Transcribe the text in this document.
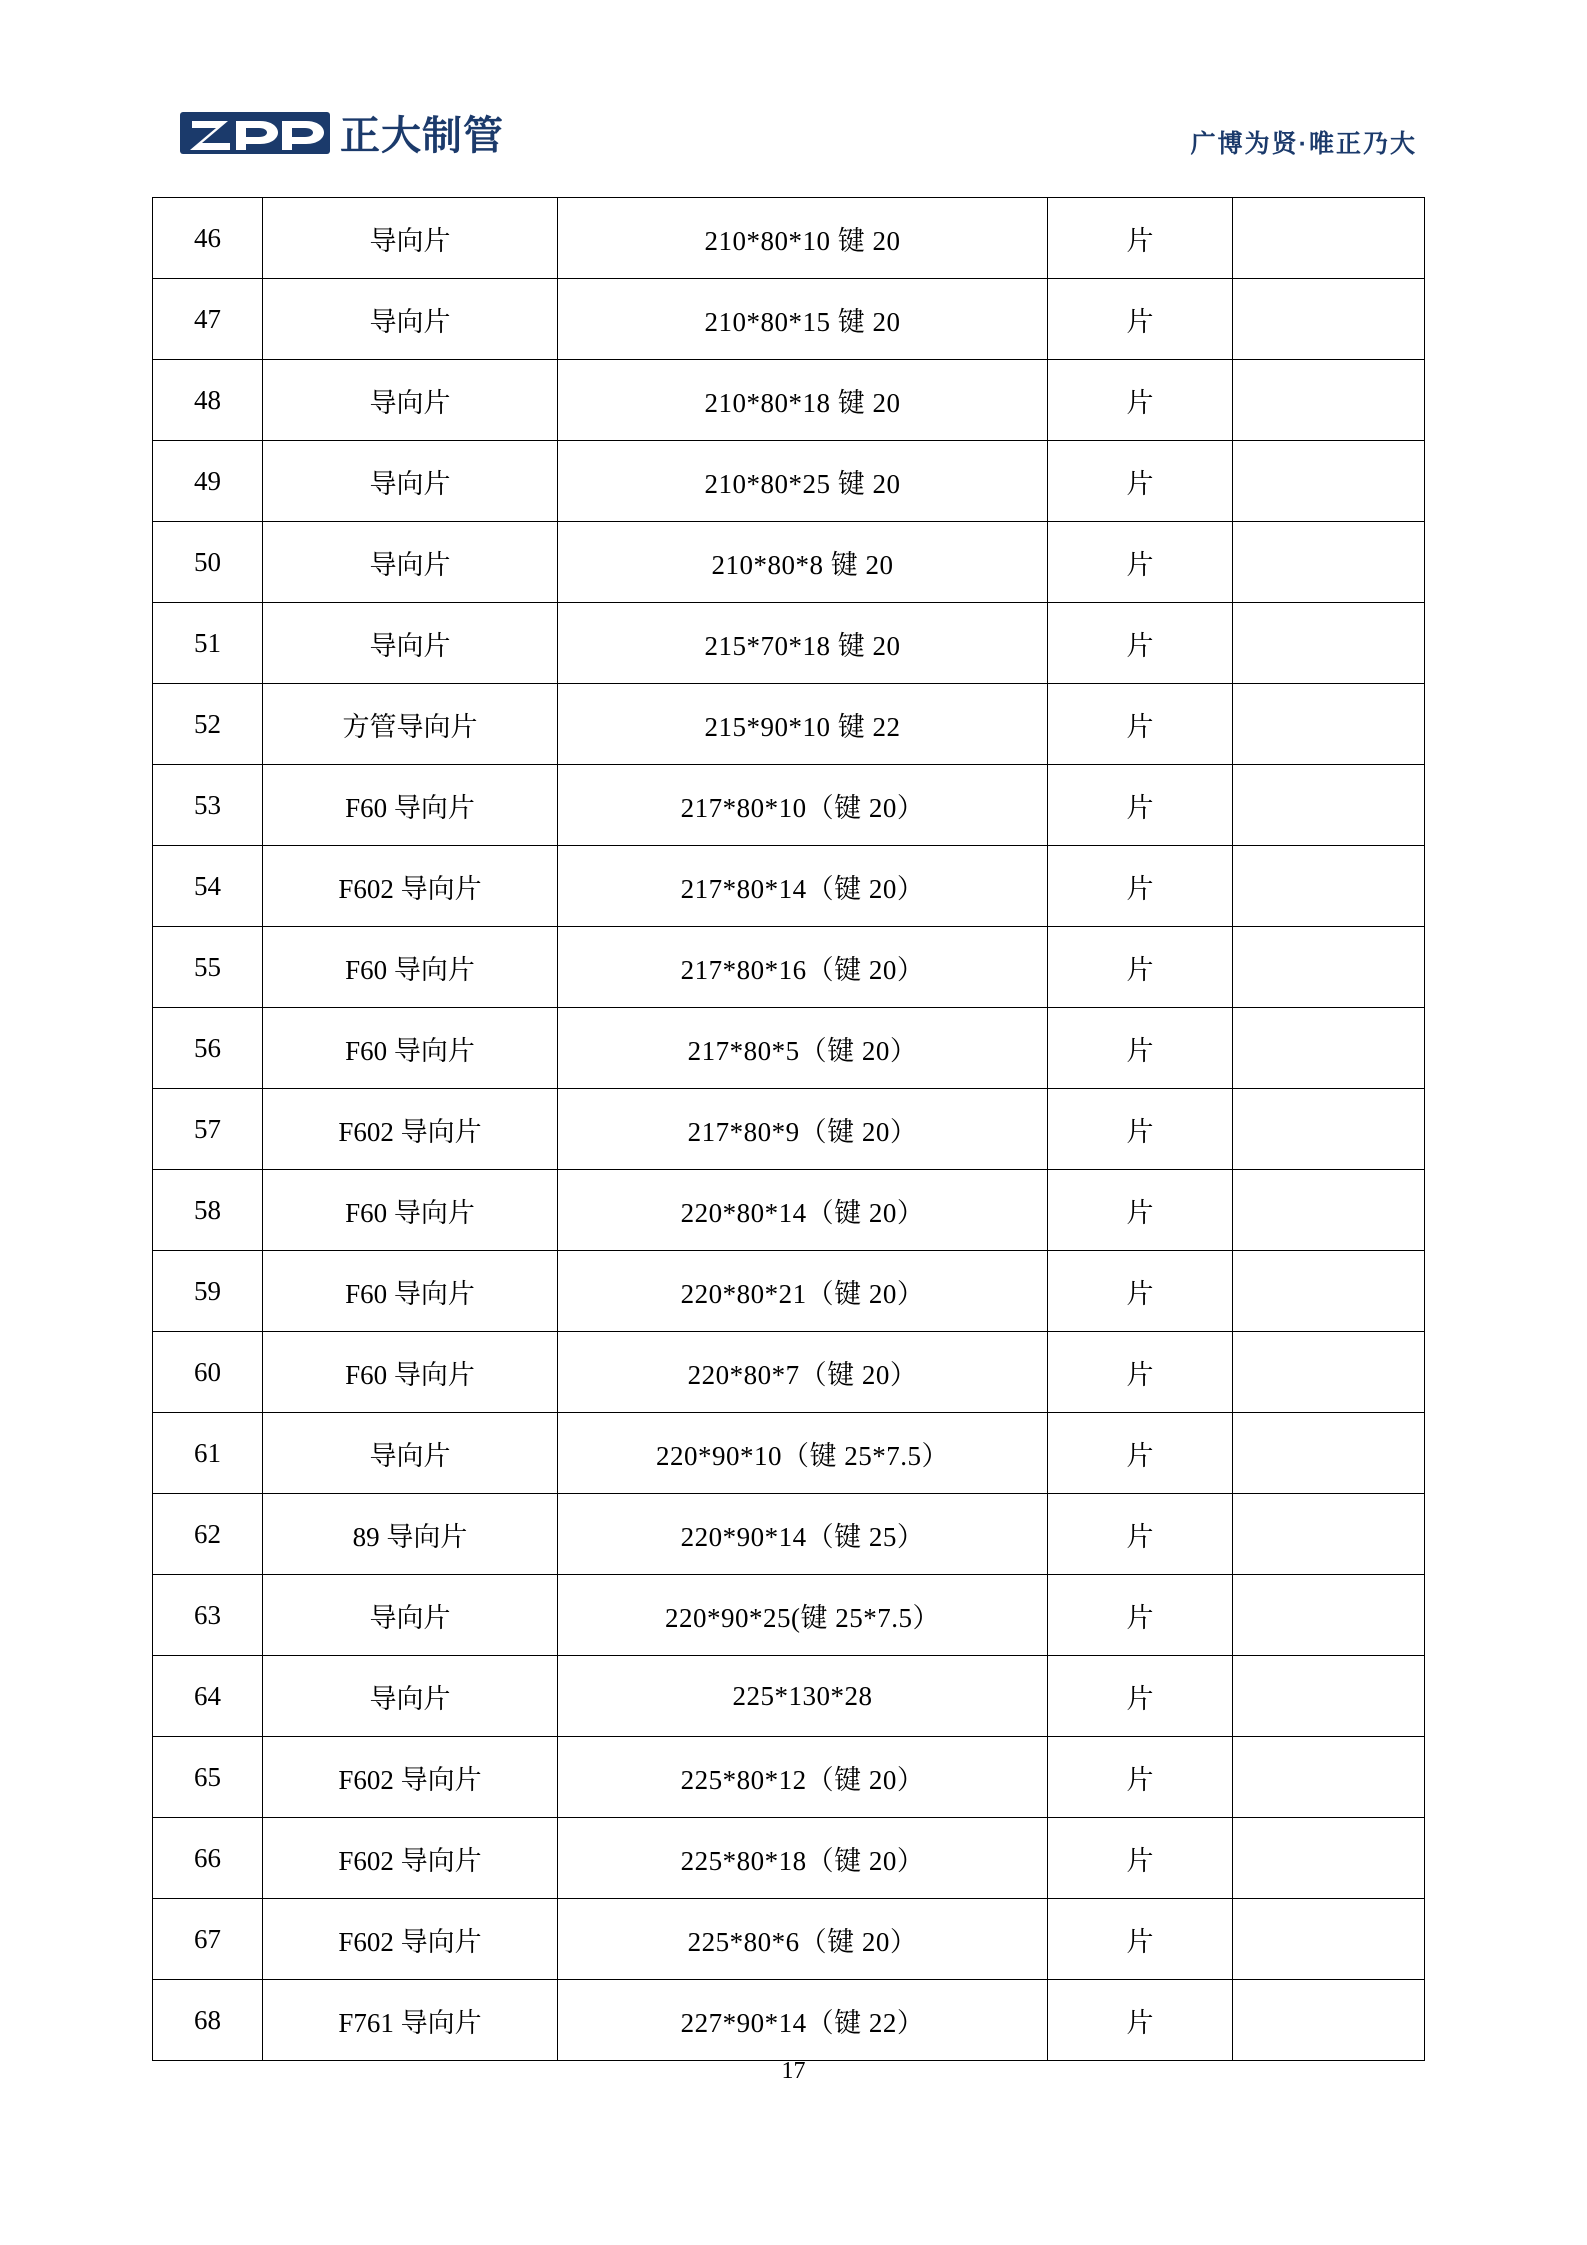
正大制管	广博为贤·唯正乃大
46	导向片	210*80*10 键 20	片	
47	导向片	210*80*15 键 20	片	
48	导向片	210*80*18 键 20	片	
49	导向片	210*80*25 键 20	片	
50	导向片	210*80*8 键 20	片	
51	导向片	215*70*18 键 20	片	
52	方管导向片	215*90*10 键 22	片	
53	F60 导向片	217*80*10（键 20）	片	
54	F602 导向片	217*80*14（键 20）	片	
55	F60 导向片	217*80*16（键 20）	片	
56	F60 导向片	217*80*5（键 20）	片	
57	F602 导向片	217*80*9（键 20）	片	
58	F60 导向片	220*80*14（键 20）	片	
59	F60 导向片	220*80*21（键 20）	片	
60	F60 导向片	220*80*7（键 20）	片	
61	导向片	220*90*10（键 25*7.5）	片	
62	89 导向片	220*90*14（键 25）	片	
63	导向片	220*90*25(键 25*7.5）	片	
64	导向片	225*130*28	片	
65	F602 导向片	225*80*12（键 20）	片	
66	F602 导向片	225*80*18（键 20）	片	
67	F602 导向片	225*80*6（键 20）	片	
68	F761 导向片	227*90*14（键 22）	片	
17
